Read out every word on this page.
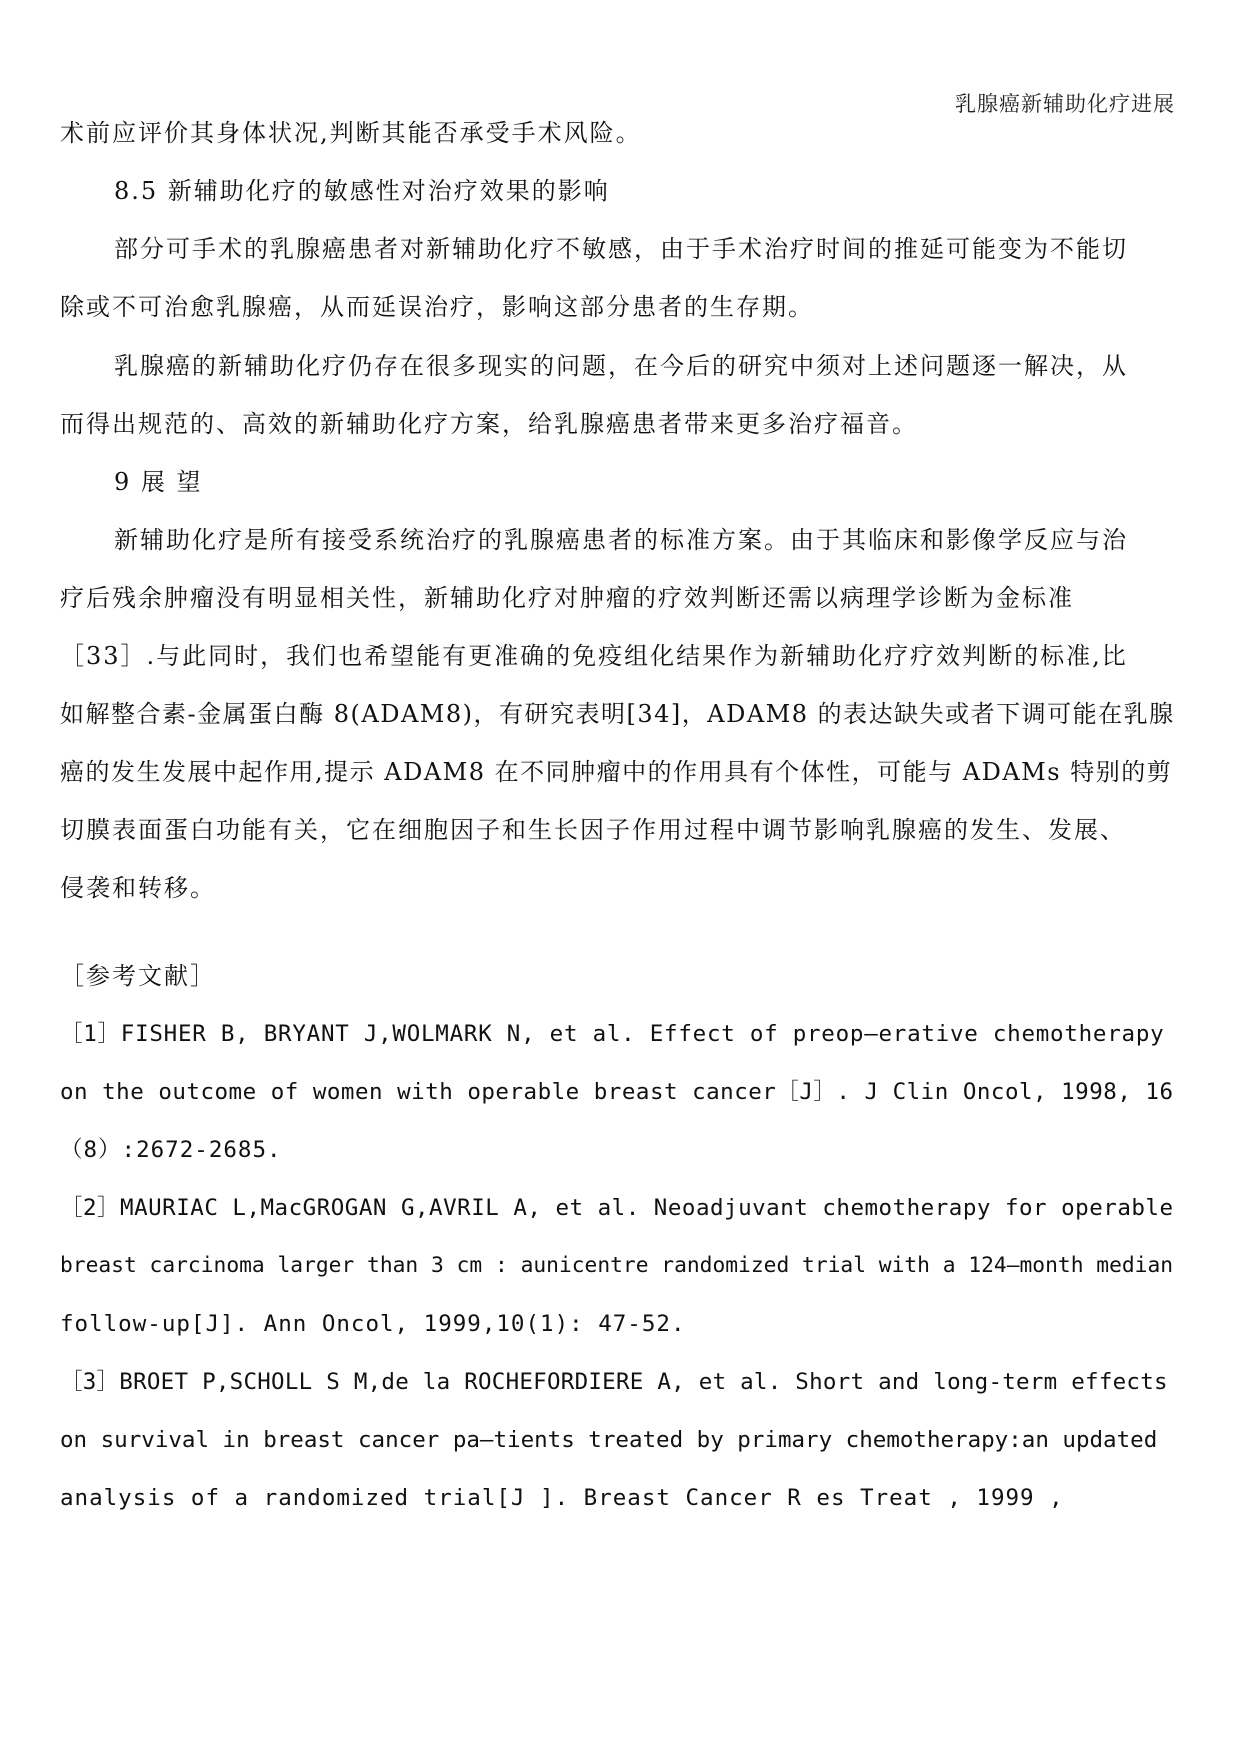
乳腺癌新辅助化疗进展
术前应评价其身体状况,判断其能否承受手术风险。
8.5 新辅助化疗的敏感性对治疗效果的影响
部分可手术的乳腺癌患者对新辅助化疗不敏感，由于手术治疗时间的推延可能变为不能切
除或不可治愈乳腺癌，从而延误治疗，影响这部分患者的生存期。
乳腺癌的新辅助化疗仍存在很多现实的问题，在今后的研究中须对上述问题逐一解决，从
而得出规范的、高效的新辅助化疗方案，给乳腺癌患者带来更多治疗福音。
9 展 望
新辅助化疗是所有接受系统治疗的乳腺癌患者的标准方案。由于其临床和影像学反应与治
疗后残余肿瘤没有明显相关性，新辅助化疗对肿瘤的疗效判断还需以病理学诊断为金标准
［33］.与此同时，我们也希望能有更准确的免疫组化结果作为新辅助化疗疗效判断的标准,比
如解整合素-金属蛋白酶 8(ADAM8)，有研究表明[34]，ADAM8 的表达缺失或者下调可能在乳腺
癌的发生发展中起作用,提示 ADAM8 在不同肿瘤中的作用具有个体性，可能与 ADAMs 特别的剪
切膜表面蛋白功能有关，它在细胞因子和生长因子作用过程中调节影响乳腺癌的发生、发展、
侵袭和转移。
［参考文献］
［1］FISHER B, BRYANT J,WOLMARK N, et al. Effect of preop—erative chemotherapy
on the outcome of women with operable breast cancer［J］. J Clin Oncol, 1998, 16
（8）:2672-2685.
［2］MAURIAC L,MacGROGAN G,AVRIL A, et al. Neoadjuvant chemotherapy for operable
breast carcinoma larger than 3 cm : aunicentre randomized trial with a 124—month median
follow-up[J]. Ann Oncol, 1999,10(1): 47-52.
［3］BROET P,SCHOLL S M,de la ROCHEFORDIERE A, et al. Short and long-term effects
on survival in breast cancer pa—tients treated by primary chemotherapy:an updated
analysis of a randomized trial[J ]. Breast Cancer R es Treat , 1999 ,
